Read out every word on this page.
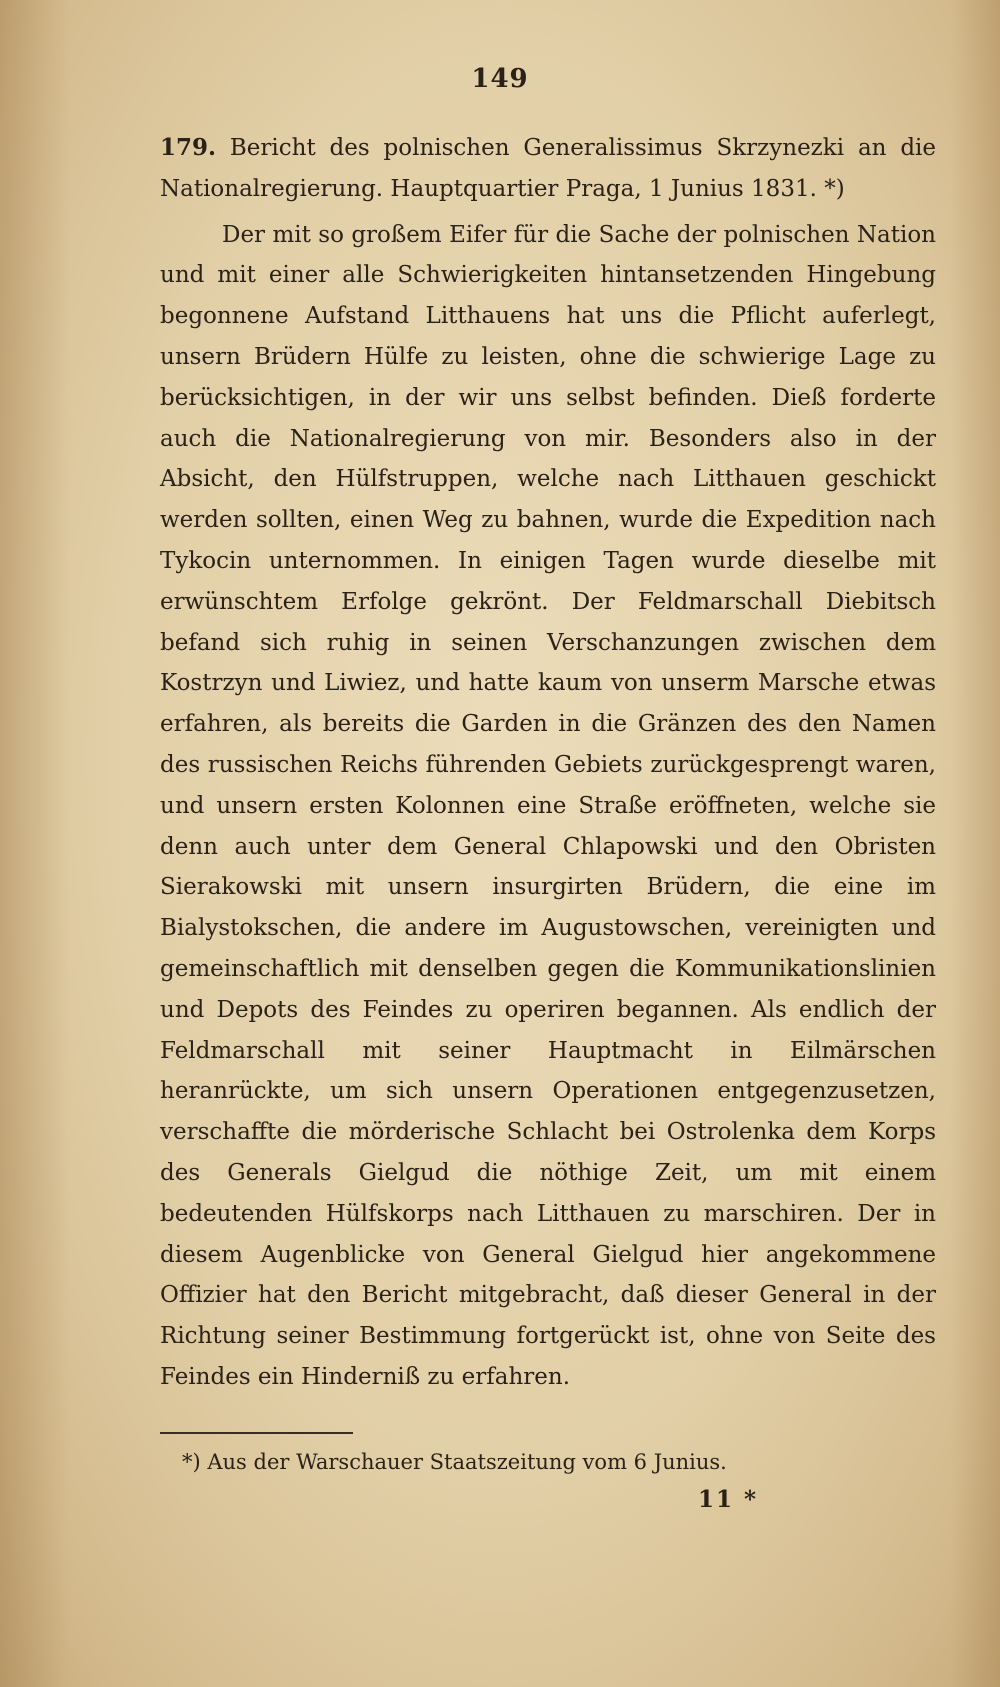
149

179. Bericht des polnischen Generalissimus Skrzynezki an die Nationalregierung. Hauptquartier Praga, 1 Junius 1831. *)

Der mit so großem Eifer für die Sache der polnischen Nation und mit einer alle Schwierigkeiten hintansetzenden Hingebung begonnene Aufstand Litthauens hat uns die Pflicht auferlegt, unsern Brüdern Hülfe zu leisten, ohne die schwierige Lage zu berücksichtigen, in der wir uns selbst befinden. Dieß forderte auch die Nationalregierung von mir. Besonders also in der Absicht, den Hülfstruppen, welche nach Litthauen geschickt werden sollten, einen Weg zu bahnen, wurde die Expedition nach Tykocin unternommen. In einigen Tagen wurde dieselbe mit erwünschtem Erfolge gekrönt. Der Feldmarschall Diebitsch befand sich ruhig in seinen Verschanzungen zwischen dem Kostrzyn und Liwiez, und hatte kaum von unserm Marsche etwas erfahren, als bereits die Garden in die Gränzen des den Namen des russischen Reichs führenden Gebiets zurückgesprengt waren, und unsern ersten Kolonnen eine Straße eröffneten, welche sie denn auch unter dem General Chlapowski und den Obristen Sierakowski mit unsern insurgirten Brüdern, die eine im Bialystokschen, die andere im Augustowschen, vereinigten und gemeinschaftlich mit denselben gegen die Kommunikationslinien und Depots des Feindes zu operiren begannen. Als endlich der Feldmarschall mit seiner Hauptmacht in Eilmärschen heranrückte, um sich unsern Operationen entgegenzusetzen, verschaffte die mörderische Schlacht bei Ostrolenka dem Korps des Generals Gielgud die nöthige Zeit, um mit einem bedeutenden Hülfskorps nach Litthauen zu marschiren. Der in diesem Augenblicke von General Gielgud hier angekommene Offizier hat den Bericht mitgebracht, daß dieser General in der Richtung seiner Bestimmung fortgerückt ist, ohne von Seite des Feindes ein Hinderniß zu erfahren.

*) Aus der Warschauer Staatszeitung vom 6 Junius.
11 *
